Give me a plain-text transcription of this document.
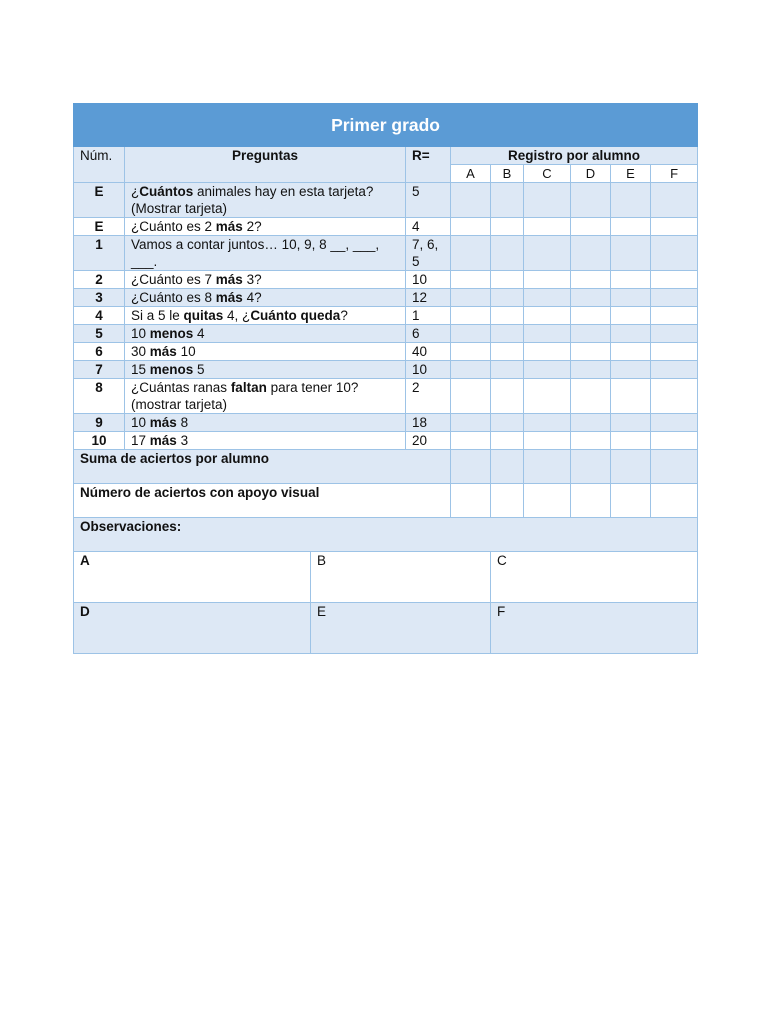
Primer grado									
Núm.	Preguntas		R=	Registro por alumno					
				A	B	C	D	E	F
E	¿Cuántos animales hay en esta tarjeta? (Mostrar tarjeta)		5						
E	¿Cuánto es 2 más 2?		4						
1	Vamos a contar juntos… 10, 9, 8 __, ___, ___.		7, 6, 5						
2	¿Cuánto es 7 más 3?		10						
3	¿Cuánto es 8 más 4?		12						
4	Si a 5 le quitas 4, ¿Cuánto queda?		1						
5	10 menos 4		6						
6	30 más 10		40						
7	15 menos 5		10						
8	¿Cuántas ranas faltan para tener 10? (mostrar tarjeta)		2						
9	10 más 8		18						
10	17 más 3		20						
Suma de aciertos por alumno									
Número de aciertos con apoyo visual									
Observaciones:									
A		B			C				
D		E			F				
